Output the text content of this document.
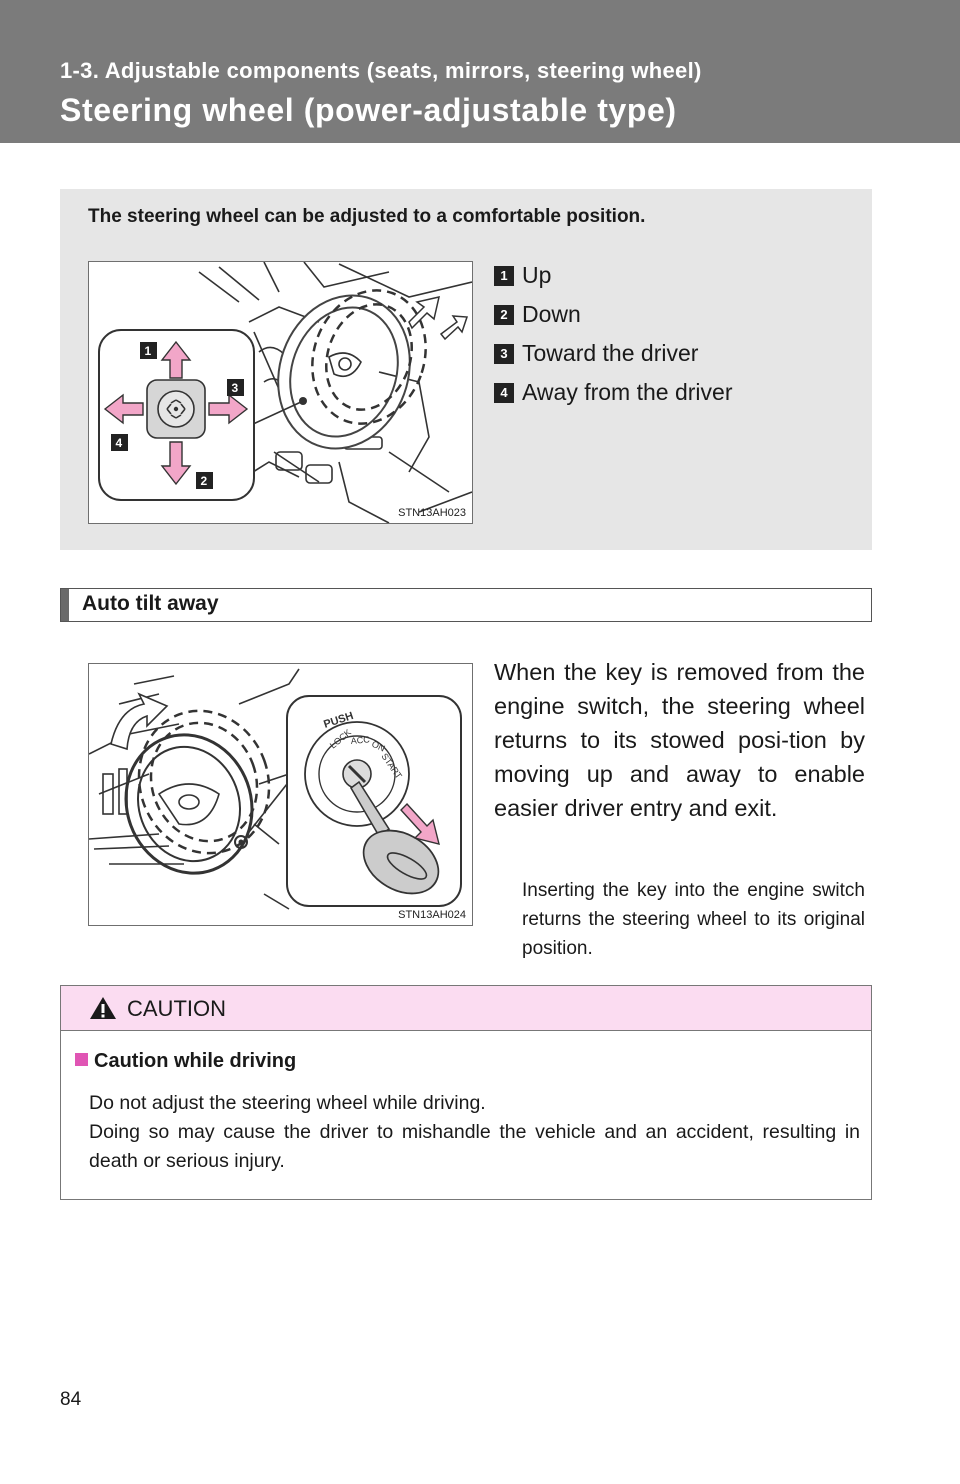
1-3. Adjustable components (seats, mirrors, steering wheel)
Steering wheel (power-adjustable type)
The steering wheel can be adjusted to a comfortable position.
1
3
4
2
STN13AH023
1 Up
2 Down
3 Toward the driver
4 Away from the driver
Auto tilt away
PUSH
LOCK
ACC ON
START
STN13AH024
When the key is removed from the engine switch, the steering wheel returns to its stowed posi-tion by moving up and away to enable easier driver entry and exit.
Inserting the key into the engine switch returns the steering wheel to its original position.
CAUTION
Caution while driving
Do not adjust the steering wheel while driving.
Doing so may cause the driver to mishandle the vehicle and an accident, resulting in death or serious injury.
84
